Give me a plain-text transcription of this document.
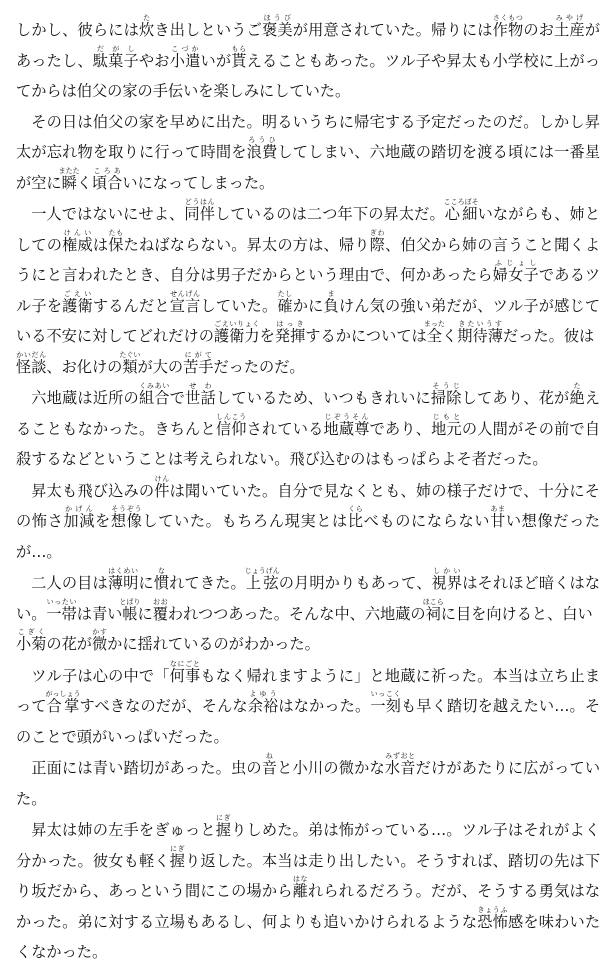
しかし、彼らには炊たき出しというご褒美ほうびが用意されていた。帰りには作物さくもつのお土産みやげがあったし、駄菓子だがしやお小遣こづかいが貰もらえることもあった。ツル子や昇太も小学校に上がってからは伯父の家の手伝いを楽しみにしていた。

その日は伯父の家を早めに出た。明るいうちに帰宅する予定だったのだ。しかし昇太が忘れ物を取りに行って時間を浪費ろうひしてしまい、六地蔵の踏切を渡る頃には一番星が空に瞬またたく頃合ころあいになってしまった。

一人ではないにせよ、同伴どうはんしているのは二つ年下の昇太だ。心細こころぼそいながらも、姉としての権威けんいは保たもたねばならない。昇太の方は、帰り際ぎわ、伯父から姉の言うこと聞くようにと言われたとき、自分は男子だからという理由で、何かあったら婦女子ふじょしであるツル子を護衛ごえいするんだと宣言せんげんしていた。確たしかに負まけん気の強い弟だが、ツル子が感じている不安に対してどれだけの護衛力ごえいりょくを発揮はっきするかについては全まったく期待薄きたいうすだった。彼は怪談かいだん、お化けの類たぐいが大の苦手にがてだったのだ。

六地蔵は近所の組合くみあいで世話せわしているため、いつもきれいに掃除そうじしてあり、花が絶たえることもなかった。きちんと信仰しんこうされている地蔵尊じぞうそんであり、地元じもとの人間がその前で自殺するなどということは考えられない。飛び込むのはもっぱらよそ者だった。

昇太も飛び込みの件けんは聞いていた。自分で見なくとも、姉の様子だけで、十分にその怖さ加減かげんを想像そうぞうしていた。もちろん現実とは比くらべものにならない甘あまい想像だったが…。

二人の目は薄明はくめいに慣なれてきた。上弦じょうげんの月明かりもあって、視界しかいはそれほど暗くはない。一帯いったいは青い帳とばりに覆おおわれつつあった。そんな中、六地蔵の祠ほこらに目を向けると、白い小菊こぎくの花が微かすかに揺れているのがわかった。

ツル子は心の中で「何事なにごともなく帰れますように」と地蔵に祈った。本当は立ち止まって合掌がっしょうすべきなのだが、そんな余裕よゆうはなかった。一刻いっこくも早く踏切を越えたい…。そのことで頭がいっぱいだった。

正面には青い踏切があった。虫の音ねと小川の微かな水音みずおとだけがあたりに広がっていた。

昇太は姉の左手をぎゅっと握にぎりしめた。弟は怖がっている…。ツル子はそれがよく分かった。彼女も軽く握にぎり返した。本当は走り出したい。そうすれば、踏切の先は下り坂だから、あっという間にこの場から離はなれられるだろう。だが、そうする勇気はなかった。弟に対する立場もあるし、何よりも追いかけられるような恐怖きょうふ感を味わいたくなかった。
